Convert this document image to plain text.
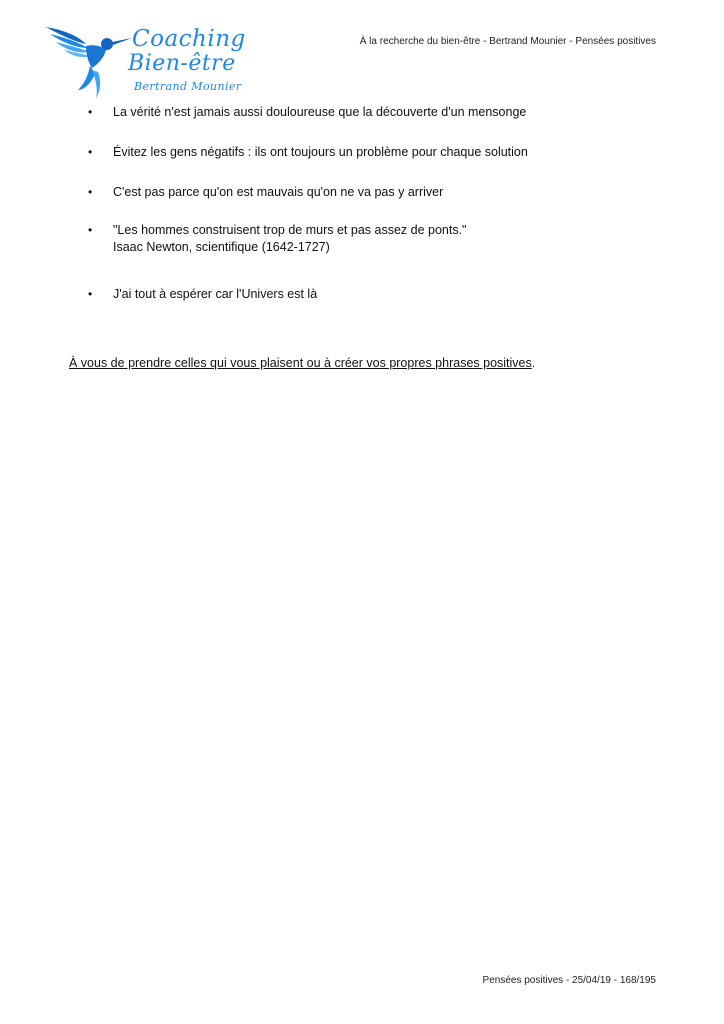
Coaching
Bien-être
Bertrand Mounier
À la recherche du bien-être - Bertrand Mounier - Pensées positives
• La vérité n'est jamais aussi douloureuse que la découverte d'un mensonge
• Évitez les gens négatifs : ils ont toujours un problème pour chaque solution
• C'est pas parce qu'on est mauvais qu'on ne va pas y arriver
• "Les hommes construisent trop de murs et pas assez de ponts."
Isaac Newton, scientifique (1642-1727)
• J'ai tout à espérer car l'Univers est là
À vous de prendre celles qui vous plaisent ou à créer vos propres phrases positives.
Pensées positives - 25/04/19 - 168/195
